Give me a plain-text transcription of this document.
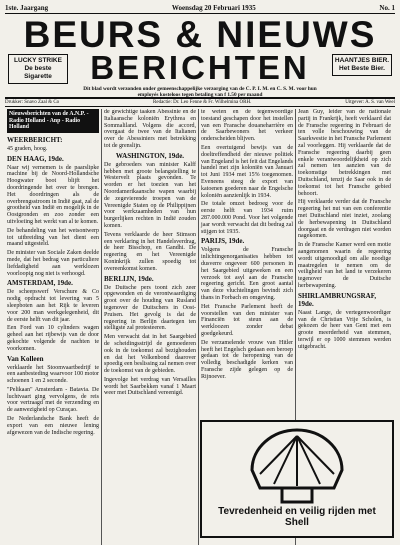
1ste. Jaargang	Woensdag 20 Februari 1935	No. 1
BEURS & NIEUWS
BERICHTEN
LUCKY STRIKE
De beste Sigarette
HAANTJES BIER.
Het Beste Bier.
Dit blad wordt verzonden onder gemeenschappelijke verzorging van de C. P. I. M. en C. S. M. voor hun employés kosteloos tegen betaling van f 1.50 per maand
Drukker: Snavo Zaal & Co	Redactie: Dr. Leo Fenne & Fr. Wilhelmina ORH.	Uitgever: A. S. van Weel
Nieuwsberichten van de A.N.P. - Radio Holland - Anp - Radio Holland
WEERBERICHT:

45 graden, hoog.

DEN HAAG, 19de.

Naar wij vernemen is de paarslipke machine bij de Noord-Hollandsche Hoogwater boot blijft het doordringende het over te brengen. Het doordringen als de overbrengsstroom in Indië gaat, zal de grootheid van Indië en mogelijk in de Oostgronden en zoo zonder een uitvloeiing het werkt van al te komen.

De behandeling van het wetsontwerp tot uitbreiding van het dient een maand uitgesteld.

De minister van Sociale Zaken deelde mede, dat het bedrag van particuliere liefdadigheid aan werklozen voorloopig nog niet is verhoogd.

AMSTERDAM, 19de.

De scheepswerf Verschure & Co nodig opdracht tot levering van 5 sleepboten aan het Rijk te leveren voor 200 man werkgelegenheid, dit de eerste helft van dit jaar.

Een Ford van 10 cylinders wagen geheel aan het rijbewijs van de door gekochte volgende de nachten te voorkomen.

Van Kolleen

verklaarde het Stoomvaartbedrijf te een aanbesteding waarvoor 100 motor schoenen 1 en 2 seconde.

"Pelikaan" Amsterdam - Batavia. De luchtvaart ging vervolgens, de reis voor vertraagd met de verzending en de aanwezigheid op Curaçao.

De Nederlandsche Bank heeft de export van een nieuwe lening afgewezen van de Indische regering.

de gewichtige taaken Abessinie en de Italiaansche koloniën Erythrea en Sommaliland. Volgens die accord, overgaat de twee van de Italianen over de Abessiniers met betrekking tot de grenslijn.

WASHINGTON, 19de.

De gebroeders van minister Kalff hebben met groote belangstelling te Westervelt plaats gevonden. Te worden er het toezien van het Noordamerikaansche wapen waarbij de zegevierende troepen van de Vereenigde Staten op de Philippijnen voor werkzaamheden van hun burgerlijken rechten in Indië zouden komen.

Tevens verklaarde de heer Stimson een verklaring in het Handelsverdrag, de heer Bisschop, en Gandhi. De regeering en het Vereenigde Koninkrijk zullen spoedig tot overeenkomst komen.

BERLIJN, 19de.

De Duitsche pers toont zich zeer opgewonden en de verontwaardiging groot over de houding van Rusland tegenover de Duitschers in Oost-Pruisen. Het gevolg is dat de regeering in Berlijn daartegen ten stelligste zal protesteeren.

Men verwacht dat in het Saargebied de scheidingsstrijd de gemoederen ook in de toekomst zal bezighouden en dat het Volkenbond daarover spoedig een beslissing zal nemen over de toekomst van de gebieden.

Ingevolge het verdrag van Versailles wordt het Saarbekken vanaf 1 Maart weer met Duitschland vereenigd.

te weten en de tegenwoordige toestand geschapen door het instellen van een Fransche douaneharrière en de Saarbewoners het verkeer onderscheiden blijven.

Een overtuigend bewijs van de doeltreffendheid der nieuwe politiek van Engeland is het feit dat Engelands handel met zijn koloniën van Januari tot Juni 1934 met 15% toegenomen. Eveneens steeg de export van katoenen goederen naar de Engelsche koloniën aanzienlijk in 1934.

De totale omzet bedroeg voor de eerste helft van 1934 ruim 287.000.000 Pond. Voor het volgende jaar wordt verwacht dat dit bedrag zal stijgen tot 1935.

PARIJS, 19de.

Volgens de Fransche inlichtingenorganisaties hebben tot dusverre ongeveer 600 personen in het Saargebied uitgeweken en een verzoek tot asyl aan de Fransche regeering gericht. Een groot aantal van deze vluchtelingen bevindt zich thans in Forbach en omgeving.

Het Fransche Parlement heeft de voorstellen van den minister van Financiën tot steun aan de werkloozen zonder debat goedgekeurd.

De verzamelende vrouw van Hitler heeft het Engelsch gedaan een beroep gedaan tot de heropening van de volledig beschadigde kerken van Fransche zijde gelegen op de Rijnoever.

Jean Guy, leider van de nationale partij in Frankrijk, heeft verklaard dat de Fransche regeering in Februari de ten volle beschouwing van de Saarkwestie in het Fransche Parlement zal voorleggen. Hij verklaarde dat de Fransche regeering daarbij geen enkele verantwoordelijkheid op zich zal nemen ten aanzien van de toekomstige betrekkingen met Duitschland, tenzij de Saar ook in de toekomst tot het Fransche gebied behoort.

Hij verklaarde verder dat de Fransche regeering het nut van een conferentie met Duitschland niet inziet, zoolang de herbewapening in Duitschland doorgaat en de verdragen niet worden nagekomen.

In de Fransche Kamer werd een motie aangenomen waarin de regeering wordt uitgenoodigd om alle noodige maatregelen te nemen om de veiligheid van het land te verzekeren tegenover de Duitsche herbewapening.

SHIRLAMBRUNGSRAF, 19de.

Naast Lange, de vertegenwoordiger van de Christian Vrije Scholen, is gekozen de heer van Gent met een groote meerderheid van stemmen, terwijl er op 1000 stemmen werden uitgebracht.

Tevredenheid en veilig rijden met Shell
